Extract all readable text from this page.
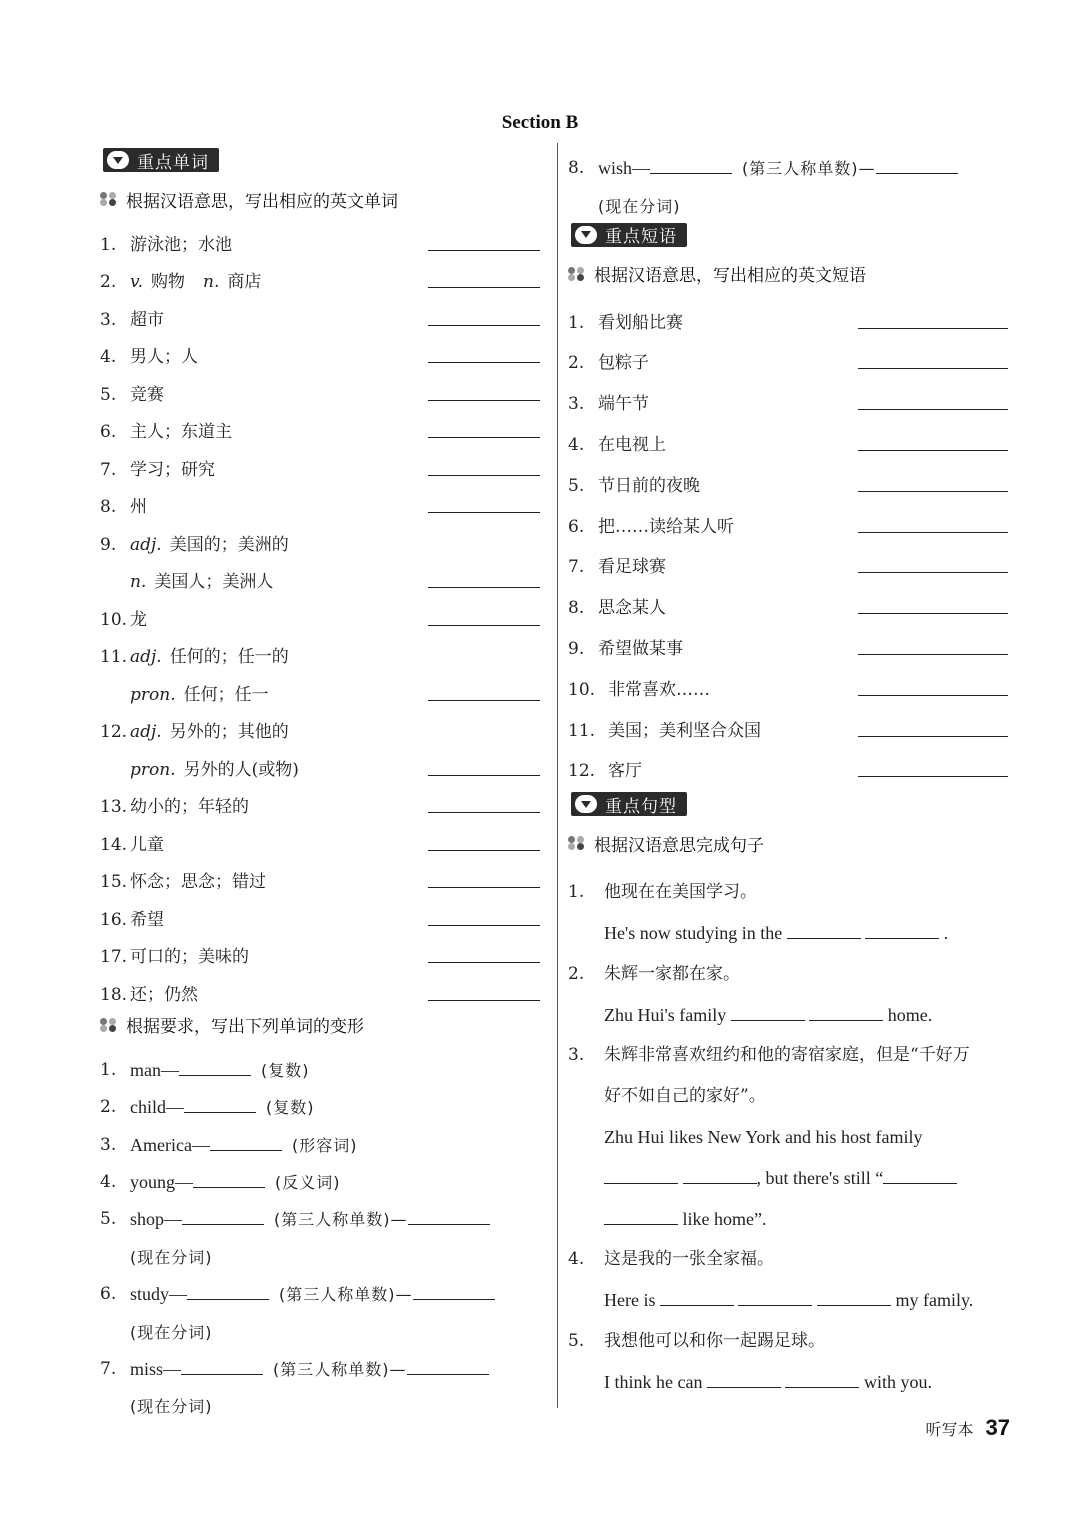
Section B
重点单词
根据汉语意思，写出相应的英文单词
1. 游泳池；水池
2. v. 购物 n. 商店
3. 超市
4. 男人；人
5. 竞赛
6. 主人；东道主
7. 学习；研究
8. 州
9. adj. 美国的；美洲的
n. 美国人；美洲人
10. 龙
11. adj. 任何的；任一的
pron. 任何；任一
12. adj. 另外的；其他的
pron. 另外的人(或物)
13. 幼小的；年轻的
14. 儿童
15. 怀念；思念；错过
16. 希望
17. 可口的；美味的
18. 还；仍然
根据要求，写出下列单词的变形
1. man—	(复数)
2. child—	(复数)
3. America—	(形容词)
4. young—	(反义词)
5. shop—	(第三人称单数)—
(现在分词)
6. study—	(第三人称单数)—
(现在分词)
7. miss—	(第三人称单数)—
(现在分词)
8. wish—	(第三人称单数)—
(现在分词)
重点短语
根据汉语意思，写出相应的英文短语
1. 看划船比赛
2. 包粽子
3. 端午节
4. 在电视上
5. 节日前的夜晚
6. 把……读给某人听
7. 看足球赛
8. 思念某人
9. 希望做某事
10. 非常喜欢……
11. 美国；美利坚合众国
12. 客厅
重点句型
根据汉语意思完成句子
1.	他现在在美国学习。
He's now studying in the	.
2.	朱辉一家都在家。
Zhu Hui's family	home.
3.	朱辉非常喜欢纽约和他的寄宿家庭，但是“千好万
好不如自己的家好”。
Zhu Hui likes New York and his host family
, but there's still “
like home”.
4.	这是我的一张全家福。
Here is	my family.
5.	我想他可以和你一起踢足球。
I think he can	with you.
听写本 37
